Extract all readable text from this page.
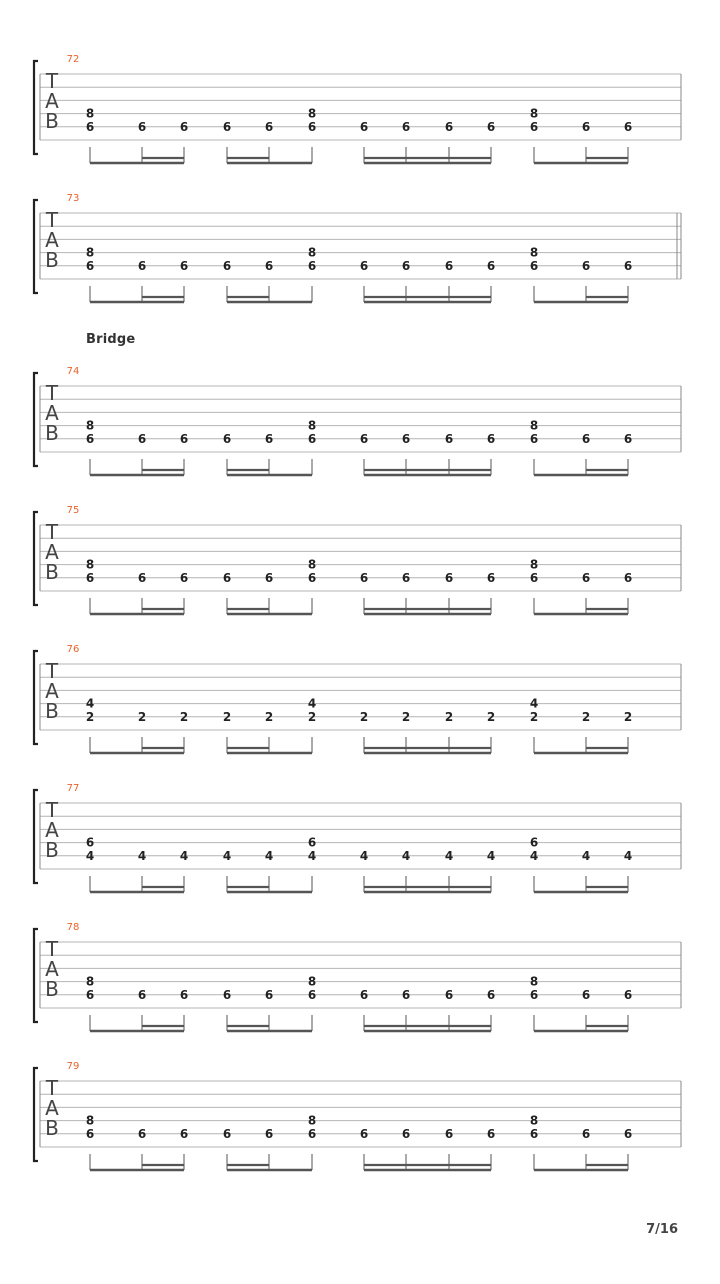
72
T
A
B 8
6	6	6	6	6
8
6	6	6	6	6
8
6	6	6
73
T
A
B 8
6	6	6	6	6
8
6	6	6	6	6
8
6	6	6
74
T
A
B 8
6	6	6	6	6
8
6	6	6	6	6
8
6	6	6
75
T
A
B 8
6	6	6	6	6
8
6	6	6	6	6
8
6	6	6
76
T
A
B 4
2	2	2	2	2
4
2	2	2	2	2
4
2	2	2
77
T
A
B 6
4	4	4	4	4
6
4	4	4	4	4
6
4	4	4
78
T
A
B 8
6	6	6	6	6
8
6	6	6	6	6
8
6	6	6
79
T
A
B 8
6	6	6	6	6
8
6	6	6	6	6
8
6	6	6
Bridge
7/16
